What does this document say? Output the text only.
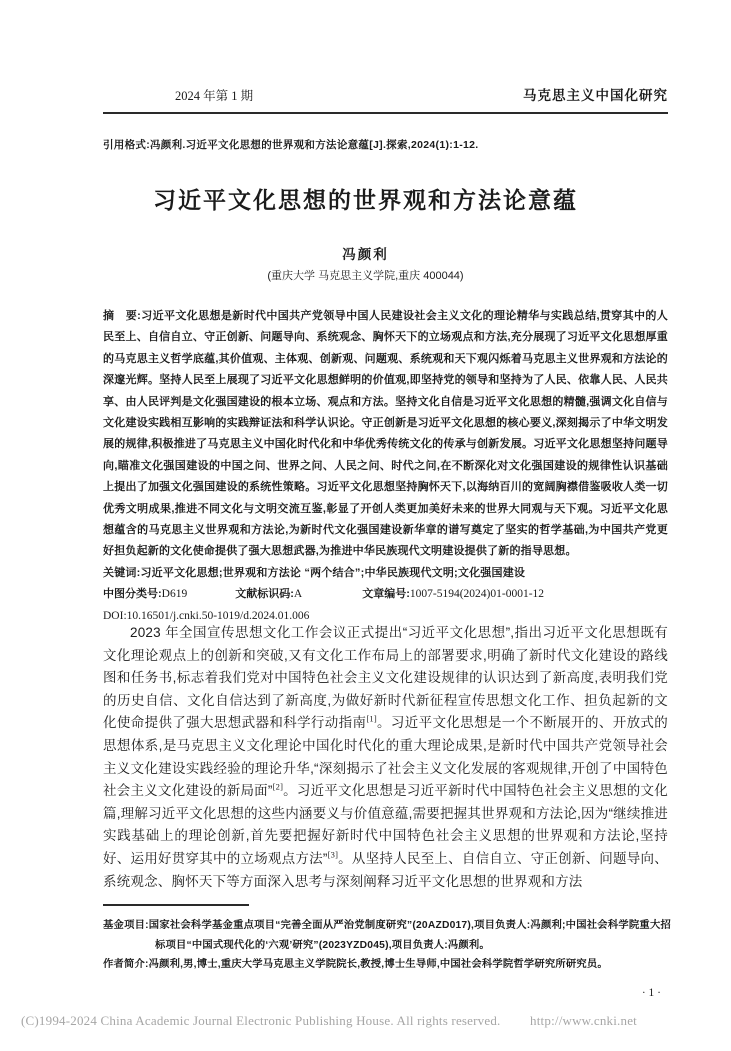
2024 年第 1 期	马克思主义中国化研究
引用格式:冯颜利.习近平文化思想的世界观和方法论意蕴[J].探索,2024(1):1-12.
习近平文化思想的世界观和方法论意蕴
冯颜利
(重庆大学 马克思主义学院,重庆 400044)

摘　要:习近平文化思想是新时代中国共产党领导中国人民建设社会主义文化的理论精华与实践总结,贯穿其中的人民至上、自信自立、守正创新、问题导向、系统观念、胸怀天下的立场观点和方法,充分展现了习近平文化思想厚重的马克思主义哲学底蕴,其价值观、主体观、创新观、问题观、系统观和天下观闪烁着马克思主义世界观和方法论的深邃光辉。坚持人民至上展现了习近平文化思想鲜明的价值观,即坚持党的领导和坚持为了人民、依靠人民、人民共享、由人民评判是文化强国建设的根本立场、观点和方法。坚持文化自信是习近平文化思想的精髓,强调文化自信与文化建设实践相互影响的实践辩证法和科学认识论。守正创新是习近平文化思想的核心要义,深刻揭示了中华文明发展的规律,积极推进了马克思主义中国化时代化和中华优秀传统文化的传承与创新发展。习近平文化思想坚持问题导向,瞄准文化强国建设的中国之问、世界之问、人民之问、时代之问,在不断深化对文化强国建设的规律性认识基础上提出了加强文化强国建设的系统性策略。习近平文化思想坚持胸怀天下,以海纳百川的宽阔胸襟借鉴吸收人类一切优秀文明成果,推进不同文化与文明交流互鉴,彰显了开创人类更加美好未来的世界大同观与天下观。习近平文化思想蕴含的马克思主义世界观和方法论,为新时代文化强国建设新华章的谱写奠定了坚实的哲学基础,为中国共产党更好担负起新的文化使命提供了强大思想武器,为推进中华民族现代文明建设提供了新的指导思想。

关键词:习近平文化思想;世界观和方法论 “两个结合”;中华民族现代文明;文化强国建设

中图分类号: D619	文献标识码: A	文章编号: 1007-5194(2024)01-0001-12
DOI:10.16501/j.cnki.50-1019/d.2024.01.006

2023 年全国宣传思想文化工作会议正式提出“习近平文化思想”,指出习近平文化思想既有文化理论观点上的创新和突破,又有文化工作布局上的部署要求,明确了新时代文化建设的路线图和任务书,标志着我们党对中国特色社会主义文化建设规律的认识达到了新高度,表明我们党的历史自信、文化自信达到了新高度,为做好新时代新征程宣传思想文化工作、担负起新的文化使命提供了强大思想武器和科学行动指南[1]。习近平文化思想是一个不断展开的、开放式的思想体系,是马克思主义文化理论中国化时代化的重大理论成果,是新时代中国共产党领导社会主义文化建设实践经验的理论升华,“深刻揭示了社会主义文化发展的客观规律,开创了中国特色社会主义文化建设的新局面”[2]。习近平文化思想是习近平新时代中国特色社会主义思想的文化篇,理解习近平文化思想的这些内涵要义与价值意蕴,需要把握其世界观和方法论,因为“继续推进实践基础上的理论创新,首先要把握好新时代中国特色社会主义思想的世界观和方法论,坚持好、运用好贯穿其中的立场观点方法”[3]。从坚持人民至上、自信自立、守正创新、问题导向、系统观念、胸怀天下等方面深入思考与深刻阐释习近平文化思想的世界观和方法

基金项目:国家社会科学基金重点项目“完善全面从严治党制度研究”(20AZD017),项目负责人:冯颜利;中国社会科学院重大招标项目“中国式现代化的‘六观’研究”(2023YZD045),项目负责人:冯颜利。

作者简介:冯颜利,男,博士,重庆大学马克思主义学院院长,教授,博士生导师,中国社会科学院哲学研究所研究员。

· 1 ·
(C)1994-2024 China Academic Journal Electronic Publishing House. All rights reserved. http://www.cnki.net
